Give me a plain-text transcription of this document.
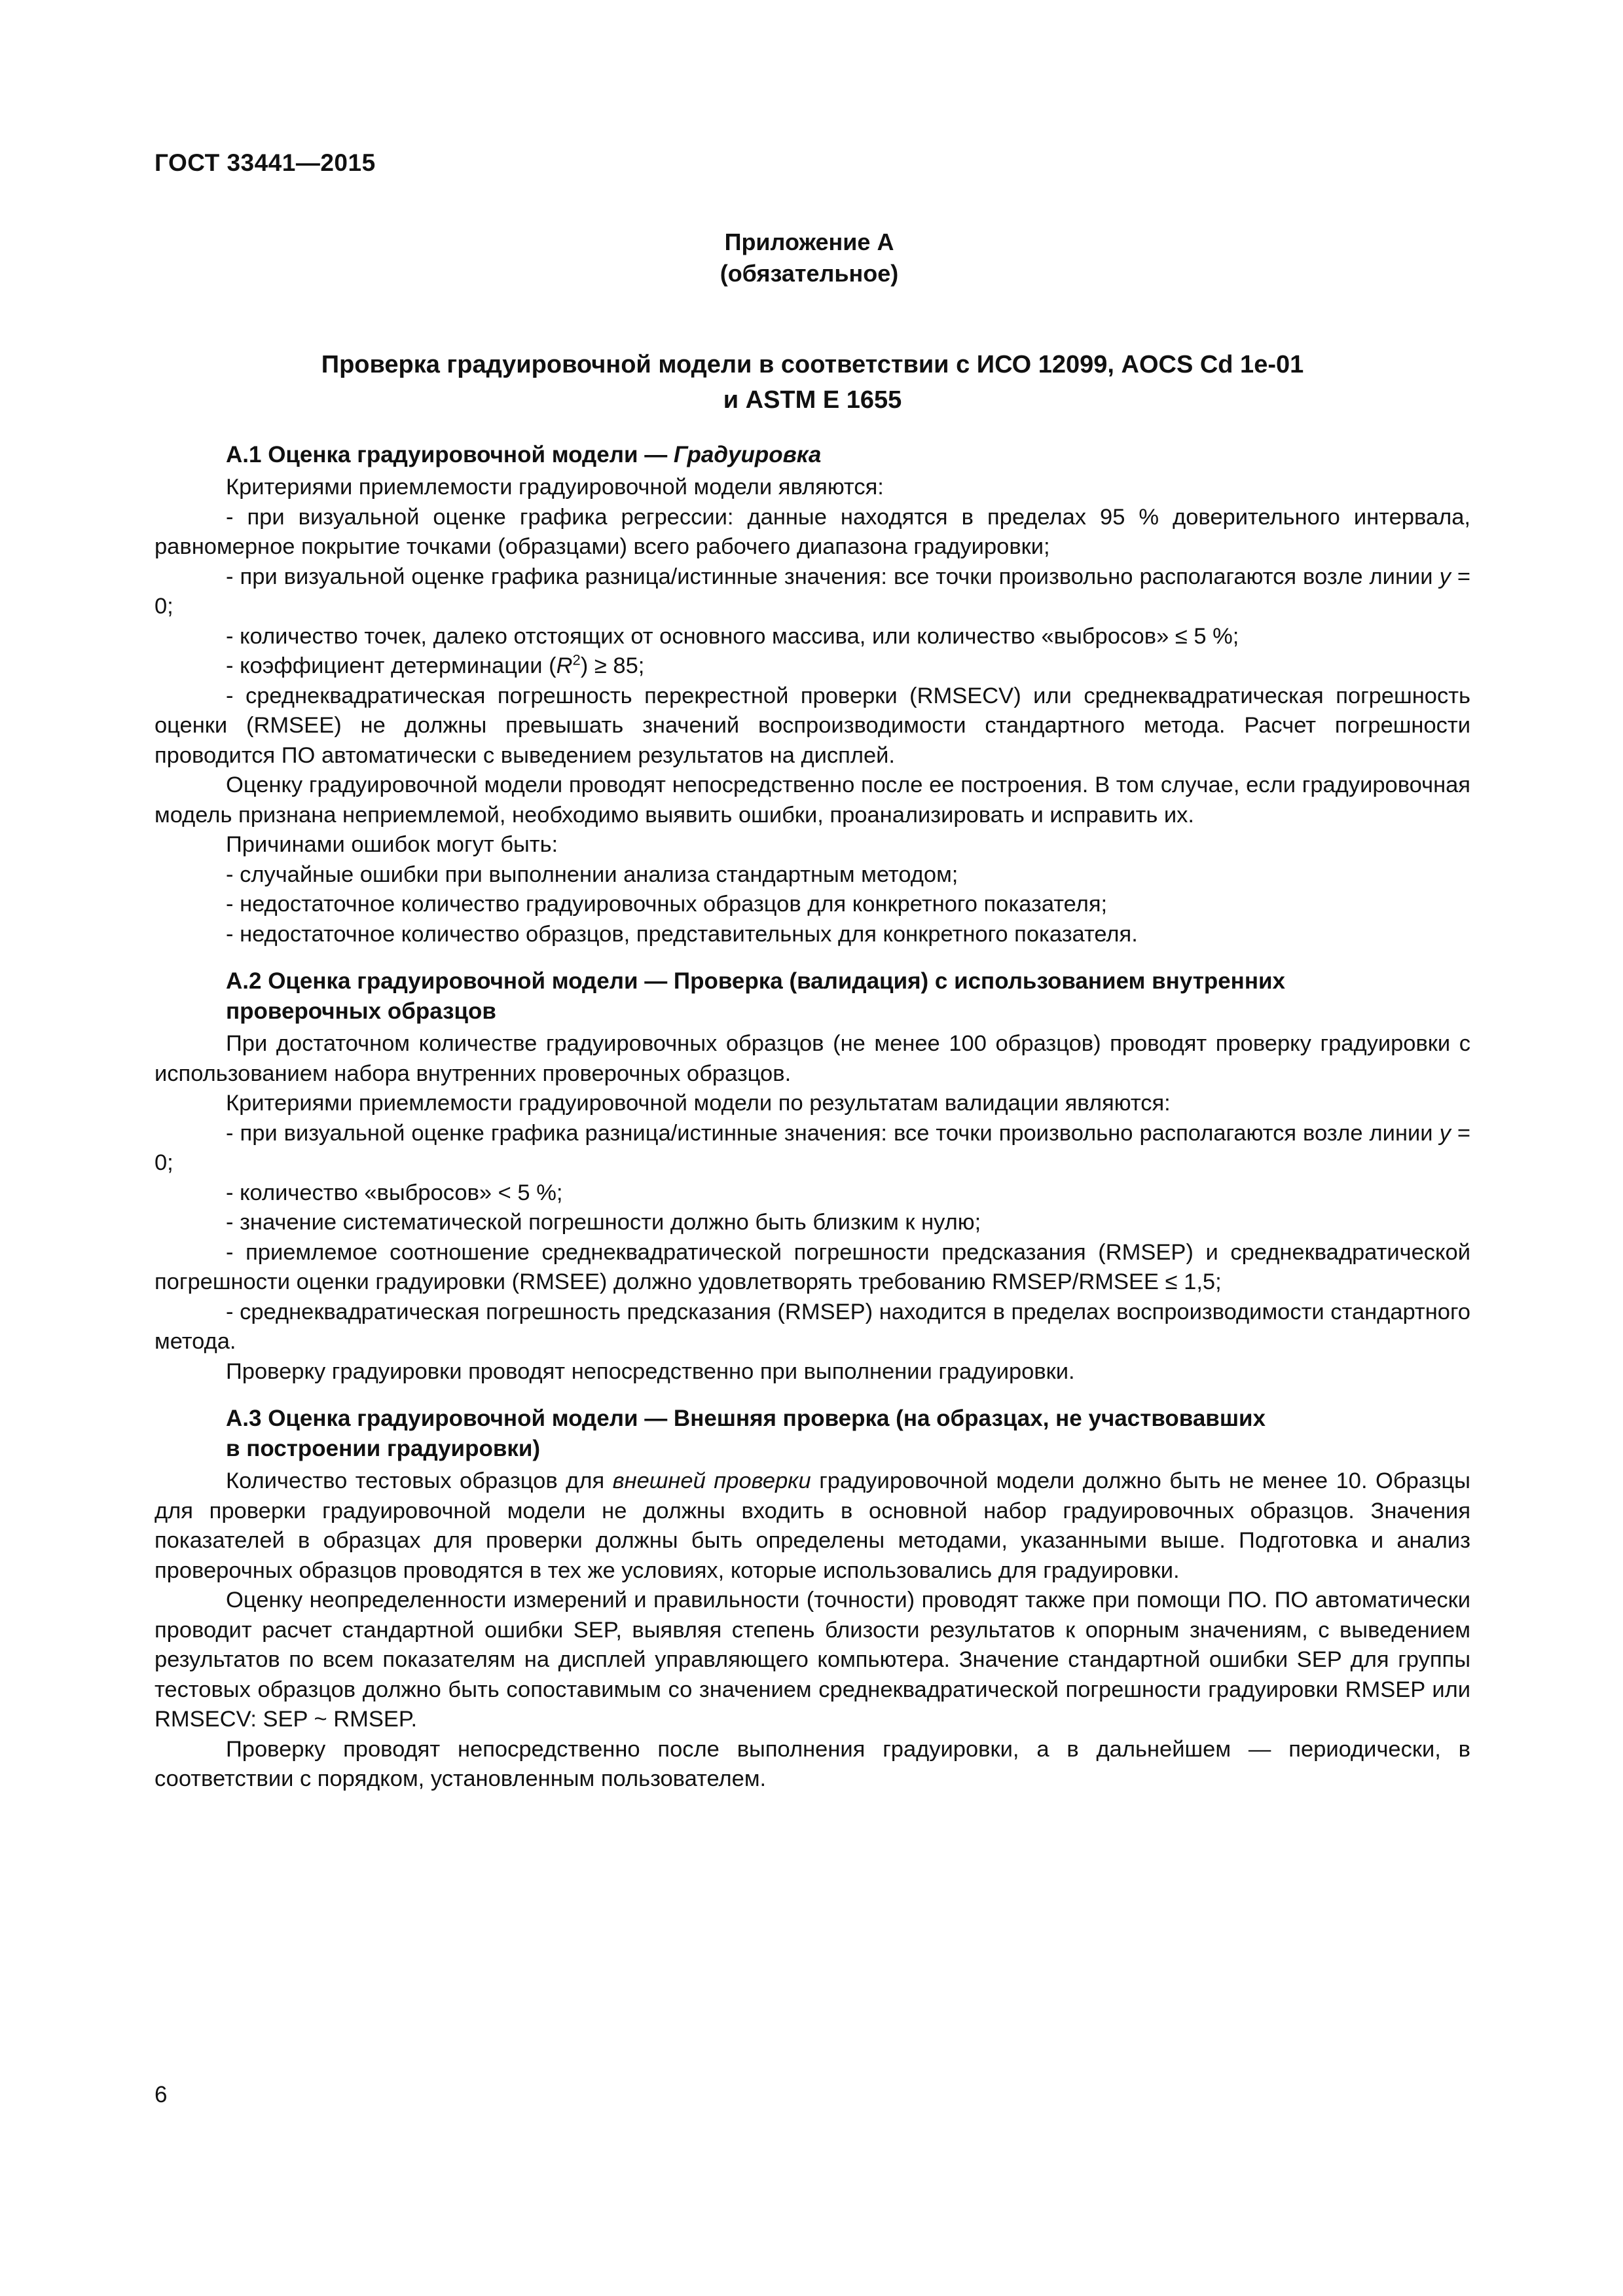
ГОСТ 33441—2015
Приложение А
(обязательное)
Проверка градуировочной модели в соответствии с ИСО 12099, AOCS Cd 1е-01
и ASTM E 1655
А.1 Оценка градуировочной модели — Градуировка

Критериями приемлемости градуировочной модели являются:

- при визуальной оценке графика регрессии: данные находятся в пределах 95 % доверительного интервала, равномерное покрытие точками (образцами) всего рабочего диапазона градуировки;

- при визуальной оценке графика разница/истинные значения: все точки произвольно располагаются возле линии y = 0;

- количество точек, далеко отстоящих от основного массива, или количество «выбросов» ≤ 5 %;

- коэффициент детерминации $(R^2) \ge 85$;

- среднеквадратическая погрешность перекрестной проверки (RMSECV) или среднеквадратическая погрешность оценки (RMSEE) не должны превышать значений воспроизводимости стандартного метода. Расчет погрешности проводится ПО автоматически с выведением результатов на дисплей.

Оценку градуировочной модели проводят непосредственно после ее построения. В том случае, если градуировочная модель признана неприемлемой, необходимо выявить ошибки, проанализировать и исправить их.

Причинами ошибок могут быть:

- случайные ошибки при выполнении анализа стандартным методом;

- недостаточное количество градуировочных образцов для конкретного показателя;

- недостаточное количество образцов, представительных для конкретного показателя.

А.2 Оценка градуировочной модели — Проверка (валидация) с использованием внутренних
проверочных образцов

При достаточном количестве градуировочных образцов (не менее 100 образцов) проводят проверку градуировки с использованием набора внутренних проверочных образцов.

Критериями приемлемости градуировочной модели по результатам валидации являются:

- при визуальной оценке графика разница/истинные значения: все точки произвольно располагаются возле линии y = 0;

- количество «выбросов» < 5 %;

- значение систематической погрешности должно быть близким к нулю;

- приемлемое соотношение среднеквадратической погрешности предсказания (RMSEP) и среднеквадратической погрешности оценки градуировки (RMSEE) должно удовлетворять требованию RMSEP/RMSEE ≤ 1,5;

- среднеквадратическая погрешность предсказания (RMSEP) находится в пределах воспроизводимости стандартного метода.

Проверку градуировки проводят непосредственно при выполнении градуировки.

А.3 Оценка градуировочной модели — Внешняя проверка (на образцах, не участвовавших
в построении градуировки)

Количество тестовых образцов для внешней проверки градуировочной модели должно быть не менее 10. Образцы для проверки градуировочной модели не должны входить в основной набор градуировочных образцов. Значения показателей в образцах для проверки должны быть определены методами, указанными выше. Подготовка и анализ проверочных образцов проводятся в тех же условиях, которые использовались для градуировки.

Оценку неопределенности измерений и правильности (точности) проводят также при помощи ПО. ПО автоматически проводит расчет стандартной ошибки SEP, выявляя степень близости результатов к опорным значениям, с выведением результатов по всем показателям на дисплей управляющего компьютера. Значение стандартной ошибки SEP для группы тестовых образцов должно быть сопоставимым со значением среднеквадратической погрешности градуировки RMSEP или RMSECV: SEP ~ RMSEP.

Проверку проводят непосредственно после выполнения градуировки, а в дальнейшем — периодически, в соответствии с порядком, установленным пользователем.

6
